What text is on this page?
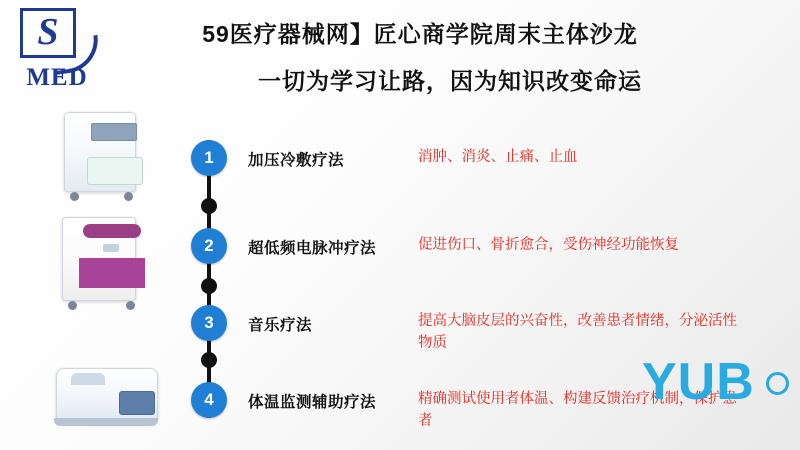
S
MED
59医疗器械网】匠心商学院周末主体沙龙
一切为学习让路，因为知识改变命运
1
2
3
4
加压冷敷疗法
超低频电脉冲疗法
音乐疗法
体温监测辅助疗法
消肿、消炎、止痛、止血
促进伤口、骨折愈合，受伤神经功能恢复
提高大脑皮层的兴奋性，改善患者情绪，分泌活性物质
精确测试使用者体温、构建反馈治疗机制，保护患者
YUB
